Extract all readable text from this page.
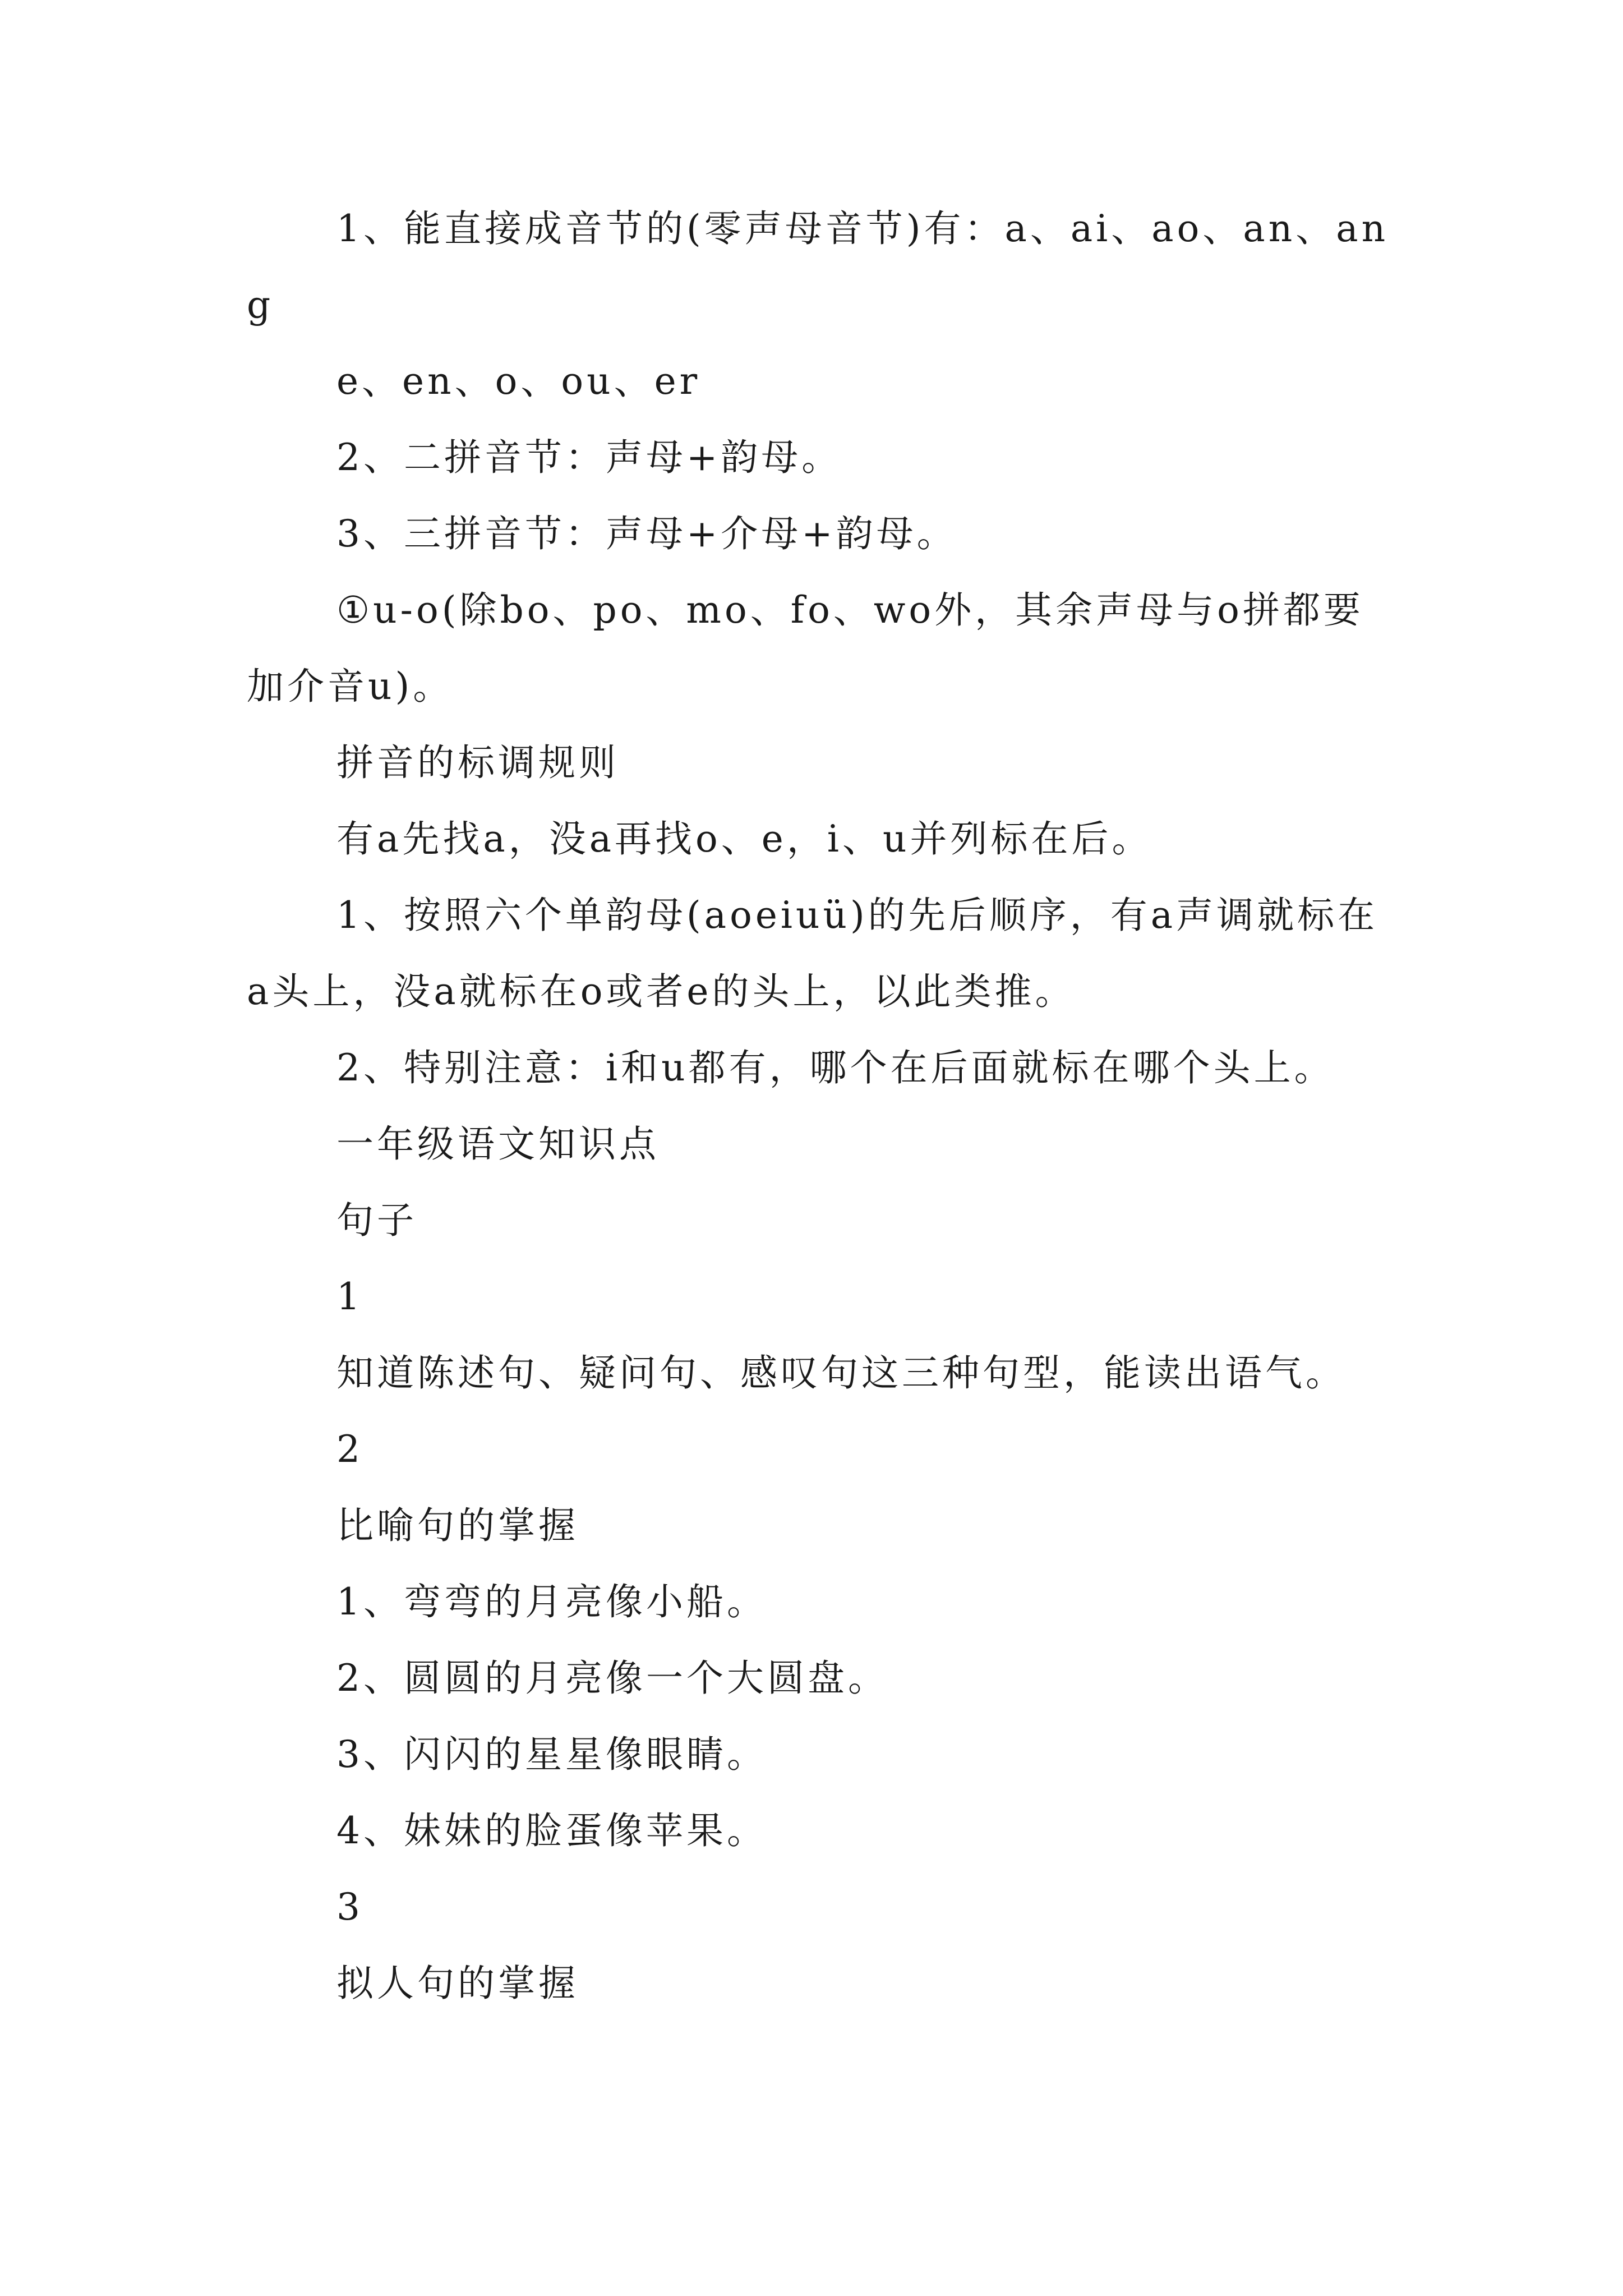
1、能直接成音节的(零声母音节)有：a、ai、ao、an、ang

e、en、o、ou、er

2、二拼音节：声母+韵母。

3、三拼音节：声母+介母+韵母。

①u-o(除bo、po、mo、fo、wo外，其余声母与o拼都要加介音u)。

拼音的标调规则

有a先找a，没a再找o、e，i、u并列标在后。

1、按照六个单韵母(aoeiuü)的先后顺序，有a声调就标在a头上，没a就标在o或者e的头上，以此类推。

2、特别注意：i和u都有，哪个在后面就标在哪个头上。

一年级语文知识点

句子

1

知道陈述句、疑问句、感叹句这三种句型，能读出语气。

2

比喻句的掌握

1、弯弯的月亮像小船。

2、圆圆的月亮像一个大圆盘。

3、闪闪的星星像眼睛。

4、妹妹的脸蛋像苹果。

3

拟人句的掌握
